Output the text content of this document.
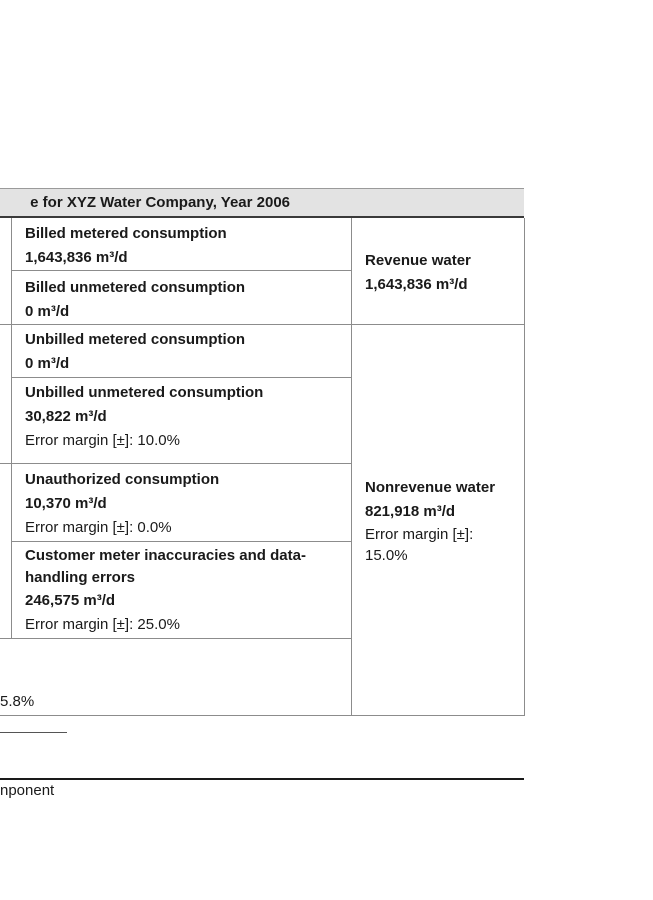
e for XYZ Water Company, Year 2006
Billed metered consumption
1,643,836 m³/d
Billed unmetered consumption
0 m³/d
Unbilled metered consumption
0 m³/d
Unbilled unmetered consumption
30,822 m³/d
Error margin [±]: 10.0%
Unauthorized consumption
10,370 m³/d
Error margin [±]: 0.0%
Customer meter inaccuracies and data-
handling errors
246,575 m³/d
Error margin [±]: 25.0%
5.8%
Revenue water
1,643,836 m³/d
Nonrevenue water
821,918 m³/d
Error margin [±]:
15.0%
nponent
